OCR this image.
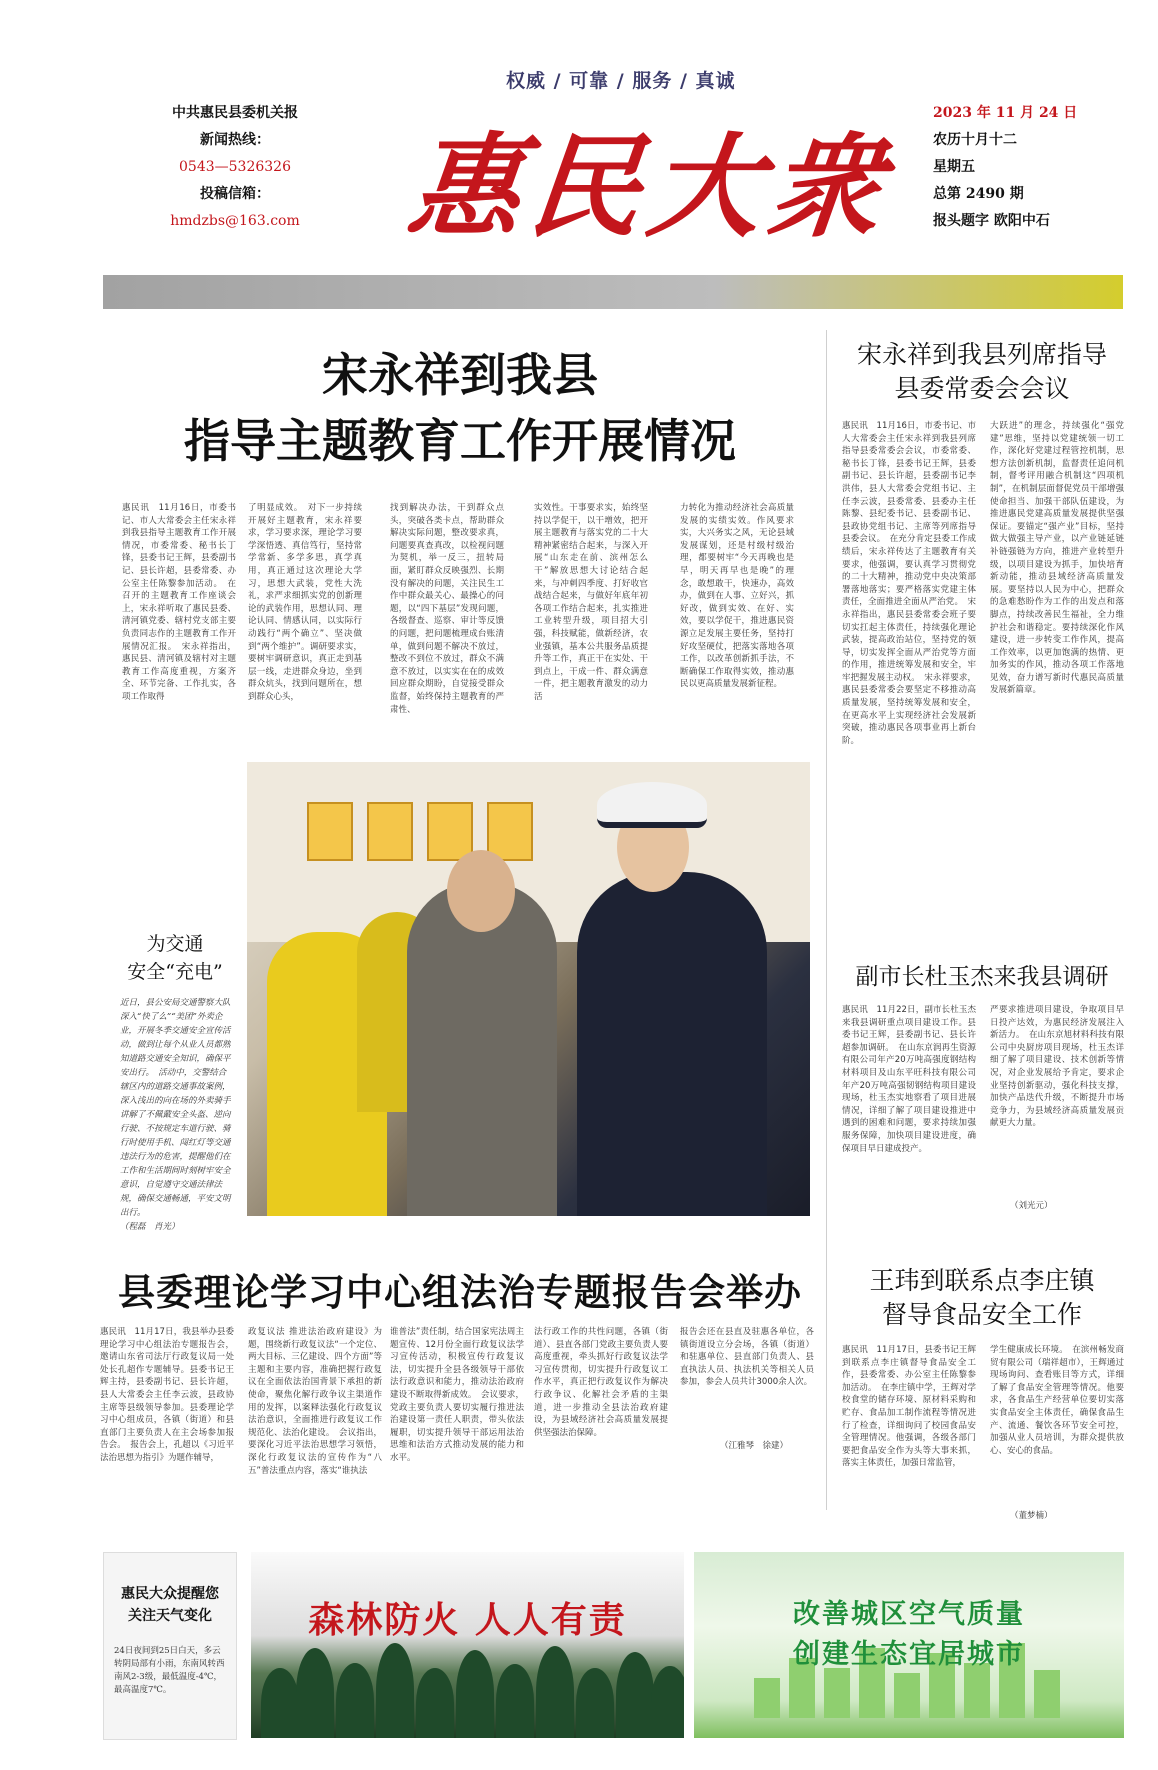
权威 / 可靠 / 服务 / 真诚
中共惠民县委机关报
新闻热线：
0543—5326326
投稿信箱：
hmdzbs@163.com 惠民大衆
2023 年 11 月 24 日
农历十月十二
星期五
总第 2490 期
报头题字 欧阳中石
宋永祥到我县
指导主题教育工作开展情况
惠民讯　11月16日，市委书记、市人大常委会主任宋永祥到我县指导主题教育工作开展情况，市委常委、秘书长丁锋，县委书记王辉，县委副书记、县长许超，县委常委、办公室主任陈黎参加活动。　在召开的主题教育工作座谈会上，宋永祥听取了惠民县委、清河镇党委、辖村党支部主要负责同志作的主题教育工作开展情况汇报。　宋永祥指出，惠民县、清河镇及辖村对主题教育工作高度重视，方案齐全、环节完备、工作扎实，各项工作取得
了明显成效。　对下一步持续开展好主题教育，宋永祥要求，学习要求深，理论学习要学深悟透、真信笃行，坚持常学常新、多学多思，真学真用，真正通过这次理论大学习，思想大武装，党性大洗礼，求严求细抓实党的创新理论的武装作用，思想认同、理论认同、情感认同，以实际行动践行“两个确立”、坚决做到“两个维护”。调研要求实，要树牢调研意识，真正走到基层一线，走进群众身边，坐到群众炕头，找到问题所在，想到群众心头，
找到解决办法，干到群众点头，突破各类卡点，帮助群众解决实际问题，整改要求真，问题要真查真改，以检视问题为契机，举一反三，扭转局面，紧盯群众反映强烈、长期没有解决的问题，关注民生工作中群众最关心、最操心的问题，以“四下基层”发现问题，各级督查、巡察、审计等反馈的问题，把问题梳理成台账清单，做到问题不解决不放过，整改不到位不放过，群众不满意不放过，以实实在在的成效回应群众期盼，自觉接受群众监督，始终保持主题教育的严肃性、
实效性。干事要求实，始终坚持以学促干，以干增效，把开展主题教育与落实党的二十大精神紧密结合起来，与深入开展“山东走在前、滨州怎么干”解放思想大讨论结合起来，与冲刺四季度、打好收官战结合起来，与做好年底年初各项工作结合起来，扎实推进工业转型升级，项目招大引强，科技赋能，做新经济，农业强镇，基本公共服务品质提升等工作，真正干在实处、干到点上，干成一件、群众满意一件，把主题教育激发的动力活
力转化为推动经济社会高质量发展的实绩实效。作风要求实，大兴务实之风，无论县域发展谋划，还是村级村级治理，都要树牢“今天再晚也是早，明天再早也是晚”的理念，敢想敢干，快速办，高效办，做到在人事、立好兴，抓好改，做到实效、在好、实效，要以学促干，推进惠民资源立足发展主要任务，坚持打好攻坚硬仗，把落实落地各项工作，以改革创新抓手法，不断确保工作取得实效，推动惠民以更高质量发展新征程。
宋永祥到我县列席指导
县委常委会会议
惠民讯　11月16日，市委书记、市人大常委会主任宋永祥到我县列席指导县委常委会会议，市委常委、秘书长丁锋，县委书记王辉，县委副书记、县长许超，县委副书记李洪伟，县人大常委会党组书记、主任李云波，县委常委、县委办主任陈黎、县纪委书记、县委副书记、县政协党组书记、主席等列席指导县委会议。　在充分肯定县委工作成绩后，宋永祥传达了主题教育有关要求，他强调，要认真学习贯彻党的二十大精神，推动党中央决策部署落地落实；要严格落实党建主体责任，全面推进全面从严治党。　宋永祥指出，惠民县委常委会班子要切实扛起主体责任，持续强化理论武装，提高政治站位，坚持党的领导，切实发挥全面从严治党等方面的作用，推进统筹发展和安全，牢牢把握发展主动权。　宋永祥要求，惠民县委常委会要坚定不移推动高质量发展，坚持统筹发展和安全，在更高水平上实现经济社会发展新突破，推动惠民各项事业再上新台阶。
大跃进”的理念，持续强化“强党建”思维，坚持以党建统领一切工作，深化好党建过程管控机制，思想方法创新机制，监督责任追问机制，督考评用融合机制这“四项机制”，在机制层面督促党员干部增强使命担当、加强干部队伍建设，为推进惠民党建高质量发展提供坚强保证。要锚定“强产业”目标，坚持做大做强主导产业，以产业链延链补链强链为方向，推进产业转型升级，以项目建设为抓手，加快培育新动能，推动县域经济高质量发展。要坚持以人民为中心，把群众的急难愁盼作为工作的出发点和落脚点，持续改善民生福祉，全力维护社会和谐稳定。要持续深化作风建设，进一步转变工作作风，提高工作效率，以更加饱满的热情、更加务实的作风，推动各项工作落地见效，奋力谱写新时代惠民高质量发展新篇章。
为交通
安全“充电”
近日，县公安局交通警察大队深入“快了么”“美团”外卖企业，开展冬季交通安全宣传活动，做到让每个从业人员都熟知道路交通安全知识，确保平安出行。　活动中，交警结合辖区内的道路交通事故案例，深入浅出的向在场的外卖骑手讲解了不佩戴安全头盔、逆向行驶、不按规定车道行驶、骑行时使用手机、闯红灯等交通违法行为的危害，提醒他们在工作和生活期间时刻树牢安全意识，自觉遵守交通法律法规，确保交通畅通，平安文明出行。
（程磊　肖光）
副市长杜玉杰来我县调研
惠民讯　11月22日，副市长杜玉杰来我县调研重点项目建设工作。县委书记王辉，县委副书记、县长许超参加调研。　在山东京润再生资源有限公司年产20万吨高强度钢结构材料项目及山东平旺科技有限公司年产20万吨高强韧钢结构项目建设现场，杜玉杰实地察看了项目进展情况，详细了解了项目建设推进中遇到的困难和问题，要求持续加强服务保障，加快项目建设进度，确保项目早日建成投产。
严要求推进项目建设，争取项目早日投产达效，为惠民经济发展注入新活力。　在山东京旭材料科技有限公司中央厨房项目现场，杜玉杰详细了解了项目建设、技术创新等情况，对企业发展给予肯定，要求企业坚持创新驱动，强化科技支撑，加快产品迭代升级，不断提升市场竞争力，为县域经济高质量发展贡献更大力量。
（刘光元）
县委理论学习中心组法治专题报告会举办
惠民讯　11月17日，我县举办县委理论学习中心组法治专题报告会，邀请山东省司法厅行政复议局一处处长孔超作专题辅导。县委书记王辉主持，县委副书记、县长许超，县人大常委会主任李云波，县政协主席等县级领导参加。县委理论学习中心组成员，各镇（街道）和县直部门主要负责人在主会场参加报告会。　报告会上，孔超以《习近平法治思想为指引》为题作辅导，
政复议法 推进法治政府建设》为题，围绕新行政复议法“一个定位、两大目标、三亿建设、四个方面”等主题和主要内容，准确把握行政复议在全面依法治国背景下承担的新使命，聚焦化解行政争议主渠道作用的发挥，以案释法强化行政复议法治意识，全面推进行政复议工作规范化、法治化建设。　会议指出，要深化习近平法治思想学习领悟，深化行政复议法的宣传作为“八五”普法重点内容，落实“谁执法
谁普法”责任制，结合国家宪法周主题宣传、12月份全面行政复议法学习宣传活动，积极宣传行政复议法，切实提升全县各级领导干部依法行政意识和能力，推动法治政府建设不断取得新成效。　会议要求，党政主要负责人要切实履行推进法治建设第一责任人职责，带头依法履职，切实提升领导干部运用法治思维和法治方式推动发展的能力和水平。
法行政工作的共性问题，各镇（街道）、县直各部门党政主要负责人要高度重视，牵头抓好行政复议法学习宣传贯彻，切实提升行政复议工作水平，真正把行政复议作为解决行政争议、化解社会矛盾的主渠道，进一步推动全县法治政府建设，为县域经济社会高质量发展提供坚强法治保障。
报告会还在县直及驻惠各单位，各镇街道设立分会场，各镇（街道）和驻惠单位、县直部门负责人、县直执法人员、执法机关等相关人员参加，参会人员共计3000余人次。
（江雅琴　徐建）
王玮到联系点李庄镇
督导食品安全工作
惠民讯　11月17日，县委书记王辉到联系点李庄镇督导食品安全工作，县委常委、办公室主任陈黎参加活动。　在李庄镇中学，王辉对学校食堂的储存环境、原材料采购和贮存、食品加工制作流程等情况进行了检查，详细询问了校园食品安全管理情况。他强调，各级各部门要把食品安全作为头等大事来抓，落实主体责任，加强日常监管，
学生健康成长环境。　在滨州畅发商贸有限公司（瑞祥超市），王辉通过现场询问、查看账目等方式，详细了解了食品安全管理等情况。他要求，各食品生产经营单位要切实落实食品安全主体责任，确保食品生产、流通、餐饮各环节安全可控，加强从业人员培训，为群众提供放心、安心的食品。
（董梦楠）
惠民大众提醒您
关注天气变化
24日夜间到25日白天，多云转阴局部有小雨，东南风转西南风2-3级，最低温度-4℃，最高温度7℃。
森林防火 人人有责	改善城区空气质量
创建生态宜居城市
